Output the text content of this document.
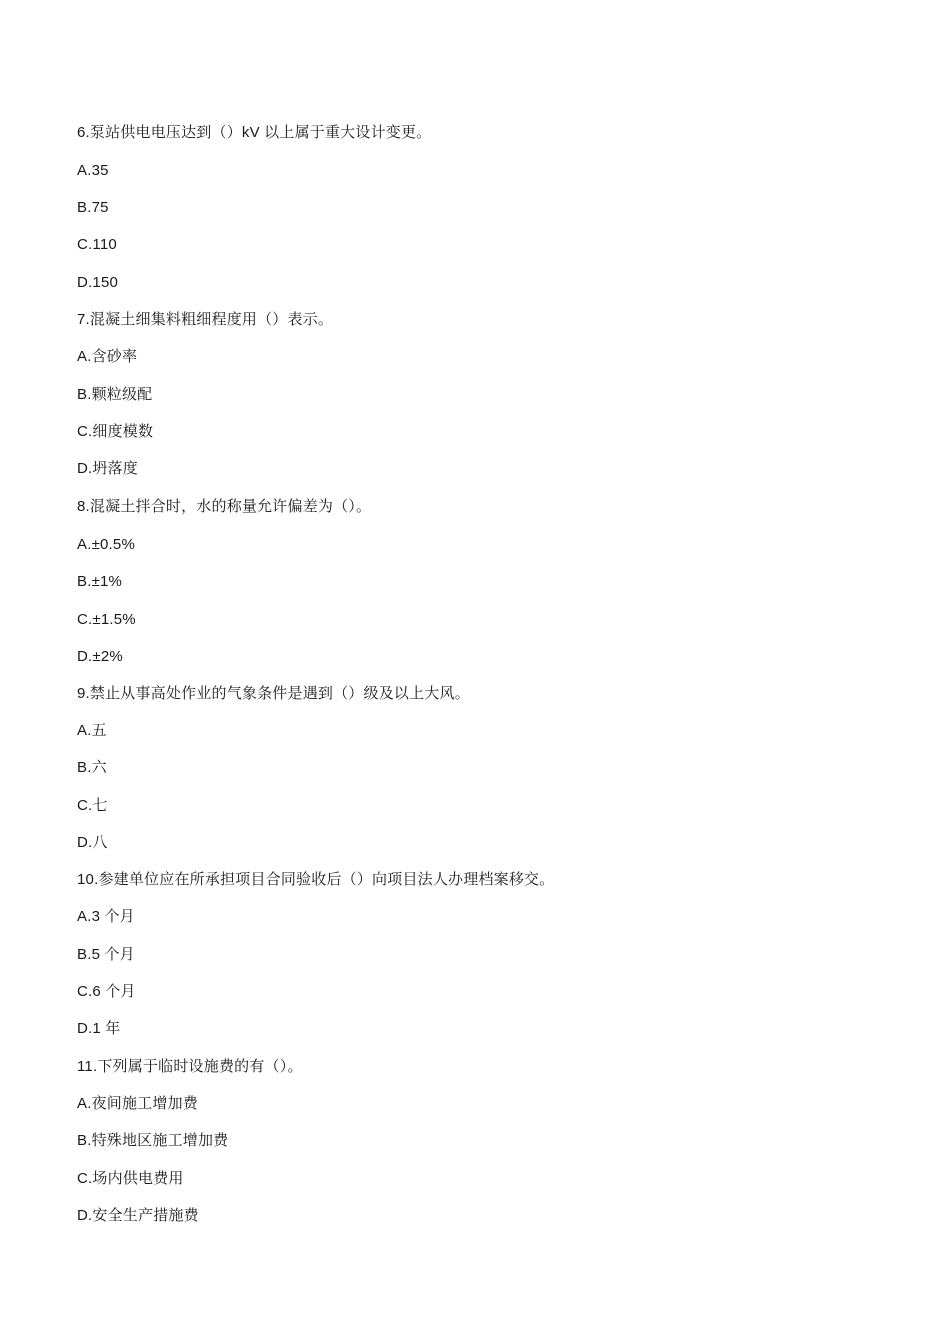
6.泵站供电电压达到（）kV 以上属于重大设计变更。
A.35
B.75
C.110
D.150
7.混凝土细集料粗细程度用（）表示。
A.含砂率
B.颗粒级配
C.细度模数
D.坍落度
8.混凝土拌合时，水的称量允许偏差为（）。
A.±0.5%
B.±1%
C.±1.5%
D.±2%
9.禁止从事高处作业的气象条件是遇到（）级及以上大风。
A.五
B.六
C.七
D.八
10.参建单位应在所承担项目合同验收后（）向项目法人办理档案移交。
A.3 个月
B.5 个月
C.6 个月
D.1 年
11.下列属于临时设施费的有（）。
A.夜间施工增加费
B.特殊地区施工增加费
C.场内供电费用
D.安全生产措施费
